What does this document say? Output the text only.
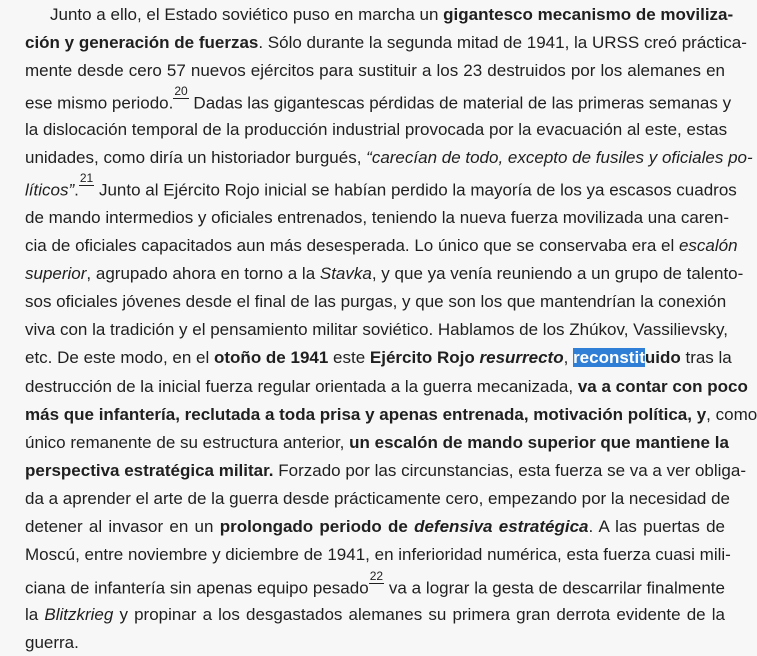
Junto a ello, el Estado soviético puso en marcha un gigantesco mecanismo de moviliza-
ción y generación de fuerzas. Sólo durante la segunda mitad de 1941, la URSS creó práctica-
mente desde cero 57 nuevos ejércitos para sustituir a los 23 destruidos por los alemanes en
ese mismo periodo.$^{20}$ Dadas las gigantescas pérdidas de material de las primeras semanas y
la dislocación temporal de la producción industrial provocada por la evacuación al este, estas
unidades, como diría un historiador burgués, “carecían de todo, excepto de fusiles y oficiales po-
líticos”.$^{21}$ Junto al Ejército Rojo inicial se habían perdido la mayoría de los ya escasos cuadros
de mando intermedios y oficiales entrenados, teniendo la nueva fuerza movilizada una caren-
cia de oficiales capacitados aun más desesperada. Lo único que se conservaba era el escalón
superior, agrupado ahora en torno a la Stavka, y que ya venía reuniendo a un grupo de talento-
sos oficiales jóvenes desde el final de las purgas, y que son los que mantendrían la conexión
viva con la tradición y el pensamiento militar soviético. Hablamos de los Zhúkov, Vassilievsky,
etc. De este modo, en el otoño de 1941 este Ejército Rojo resurrecto, reconstituido tras la
destrucción de la inicial fuerza regular orientada a la guerra mecanizada, va a contar con poco
más que infantería, reclutada a toda prisa y apenas entrenada, motivación política, y, como
único remanente de su estructura anterior, un escalón de mando superior que mantiene la
perspectiva estratégica militar. Forzado por las circunstancias, esta fuerza se va a ver obliga-
da a aprender el arte de la guerra desde prácticamente cero, empezando por la necesidad de
detener al invasor en un prolongado periodo de defensiva estratégica. A las puertas de
Moscú, entre noviembre y diciembre de 1941, en inferioridad numérica, esta fuerza cuasi mili-
ciana de infantería sin apenas equipo pesado$^{22}$ va a lograr la gesta de descarrilar finalmente
la Blitzkrieg y propinar a los desgastados alemanes su primera gran derrota evidente de la
guerra.
